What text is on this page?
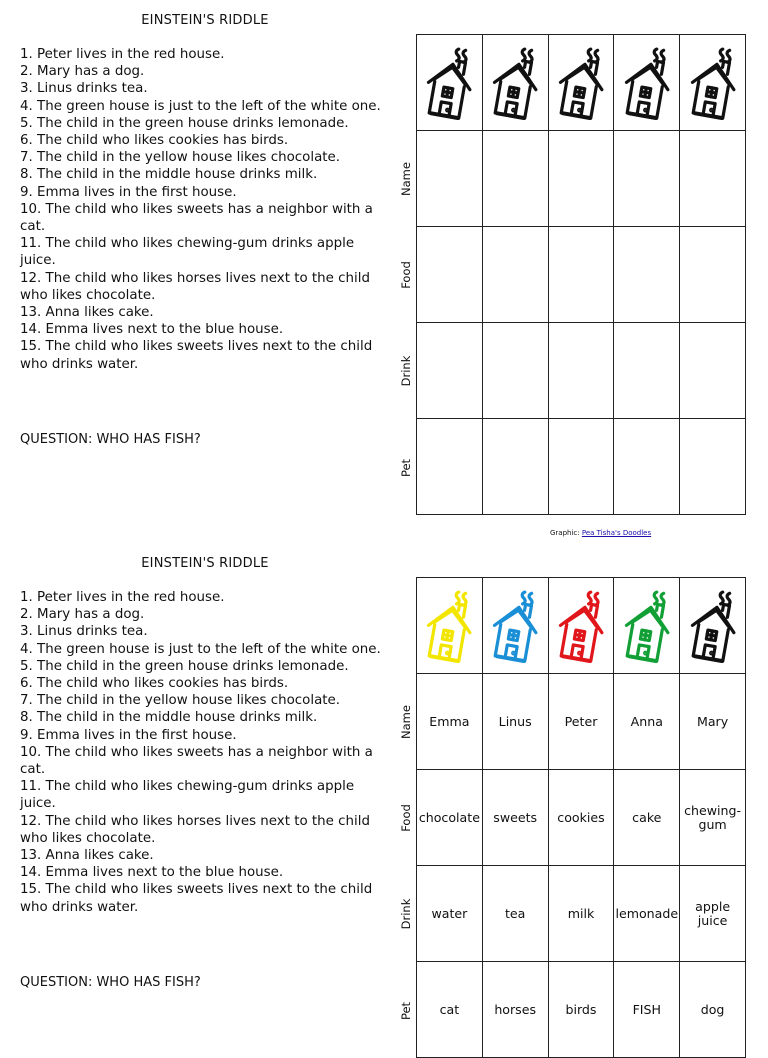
EINSTEIN'S RIDDLE
1. Peter lives in the red house.
2. Mary has a dog.
3. Linus drinks tea.
4. The green house is just to the left of the white one.
5. The child in the green house drinks lemonade.
6. The child who likes cookies has birds.
7. The child in the yellow house likes chocolate.
8. The child in the middle house drinks milk.
9. Emma lives in the first house.
10. The child who likes sweets has a neighbor with a cat.
11. The child who likes chewing-gum drinks apple juice.
12. The child who likes horses lives next to the child who likes chocolate.
13. Anna likes cake.
14. Emma lives next to the blue house.
15. The child who likes sweets lives next to the child who drinks water.
QUESTION: WHO HAS FISH?
Name
Food
Drink
Pet

Graphic: Pea Tisha's Doodles
EINSTEIN'S RIDDLE
1. Peter lives in the red house.
2. Mary has a dog.
3. Linus drinks tea.
4. The green house is just to the left of the white one.
5. The child in the green house drinks lemonade.
6. The child who likes cookies has birds.
7. The child in the yellow house likes chocolate.
8. The child in the middle house drinks milk.
9. Emma lives in the first house.
10. The child who likes sweets has a neighbor with a cat.
11. The child who likes chewing-gum drinks apple juice.
12. The child who likes horses lives next to the child who likes chocolate.
13. Anna likes cake.
14. Emma lives next to the blue house.
15. The child who likes sweets lives next to the child who drinks water.
QUESTION: WHO HAS FISH?
Name
Food
Drink
Pet

Emma	Linus	Peter	Anna	Mary
chocolate	sweets	cookies	cake	chewing-gum
water	tea	milk	lemonade	apple juice
cat	horses	birds	FISH	dog
